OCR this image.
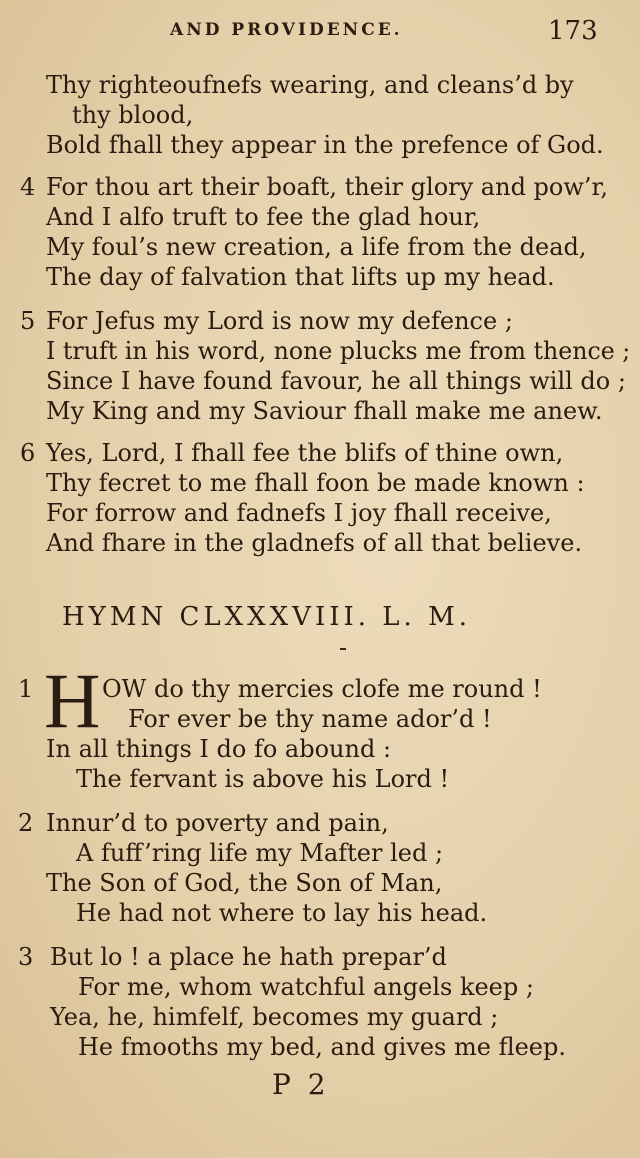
AND PROVIDENCE.	173
Thy righteoufnefs wearing, and cleans’d by
thy blood,
Bold fhall they appear in the prefence of God.
4 For thou art their boaft, their glory and pow’r,
And I alfo truft to fee the glad hour,
My foul’s new creation, a life from the dead,
The day of falvation that lifts up my head.
5 For Jefus my Lord is now my defence ;
I truft in his word, none plucks me from thence ;
Since I have found favour, he all things will do ;
My King and my Saviour fhall make me anew.
6 Yes, Lord, I fhall fee the blifs of thine own,
Thy fecret to me fhall foon be made known :
For forrow and fadnefs I joy fhall receive,
And fhare in the gladnefs of all that believe.
HYMN CLXXXVIII. L. M.
1 H OW do thy mercies clofe me round !
For ever be thy name ador’d !
In all things I do fo abound :
The fervant is above his Lord !
2 Innur’d to poverty and pain,
A fuff’ring life my Mafter led ;
The Son of God, the Son of Man,
He had not where to lay his head.
3 But lo ! a place he hath prepar’d
For me, whom watchful angels keep ;
Yea, he, himfelf, becomes my guard ;
He fmooths my bed, and gives me fleep.
P 2
